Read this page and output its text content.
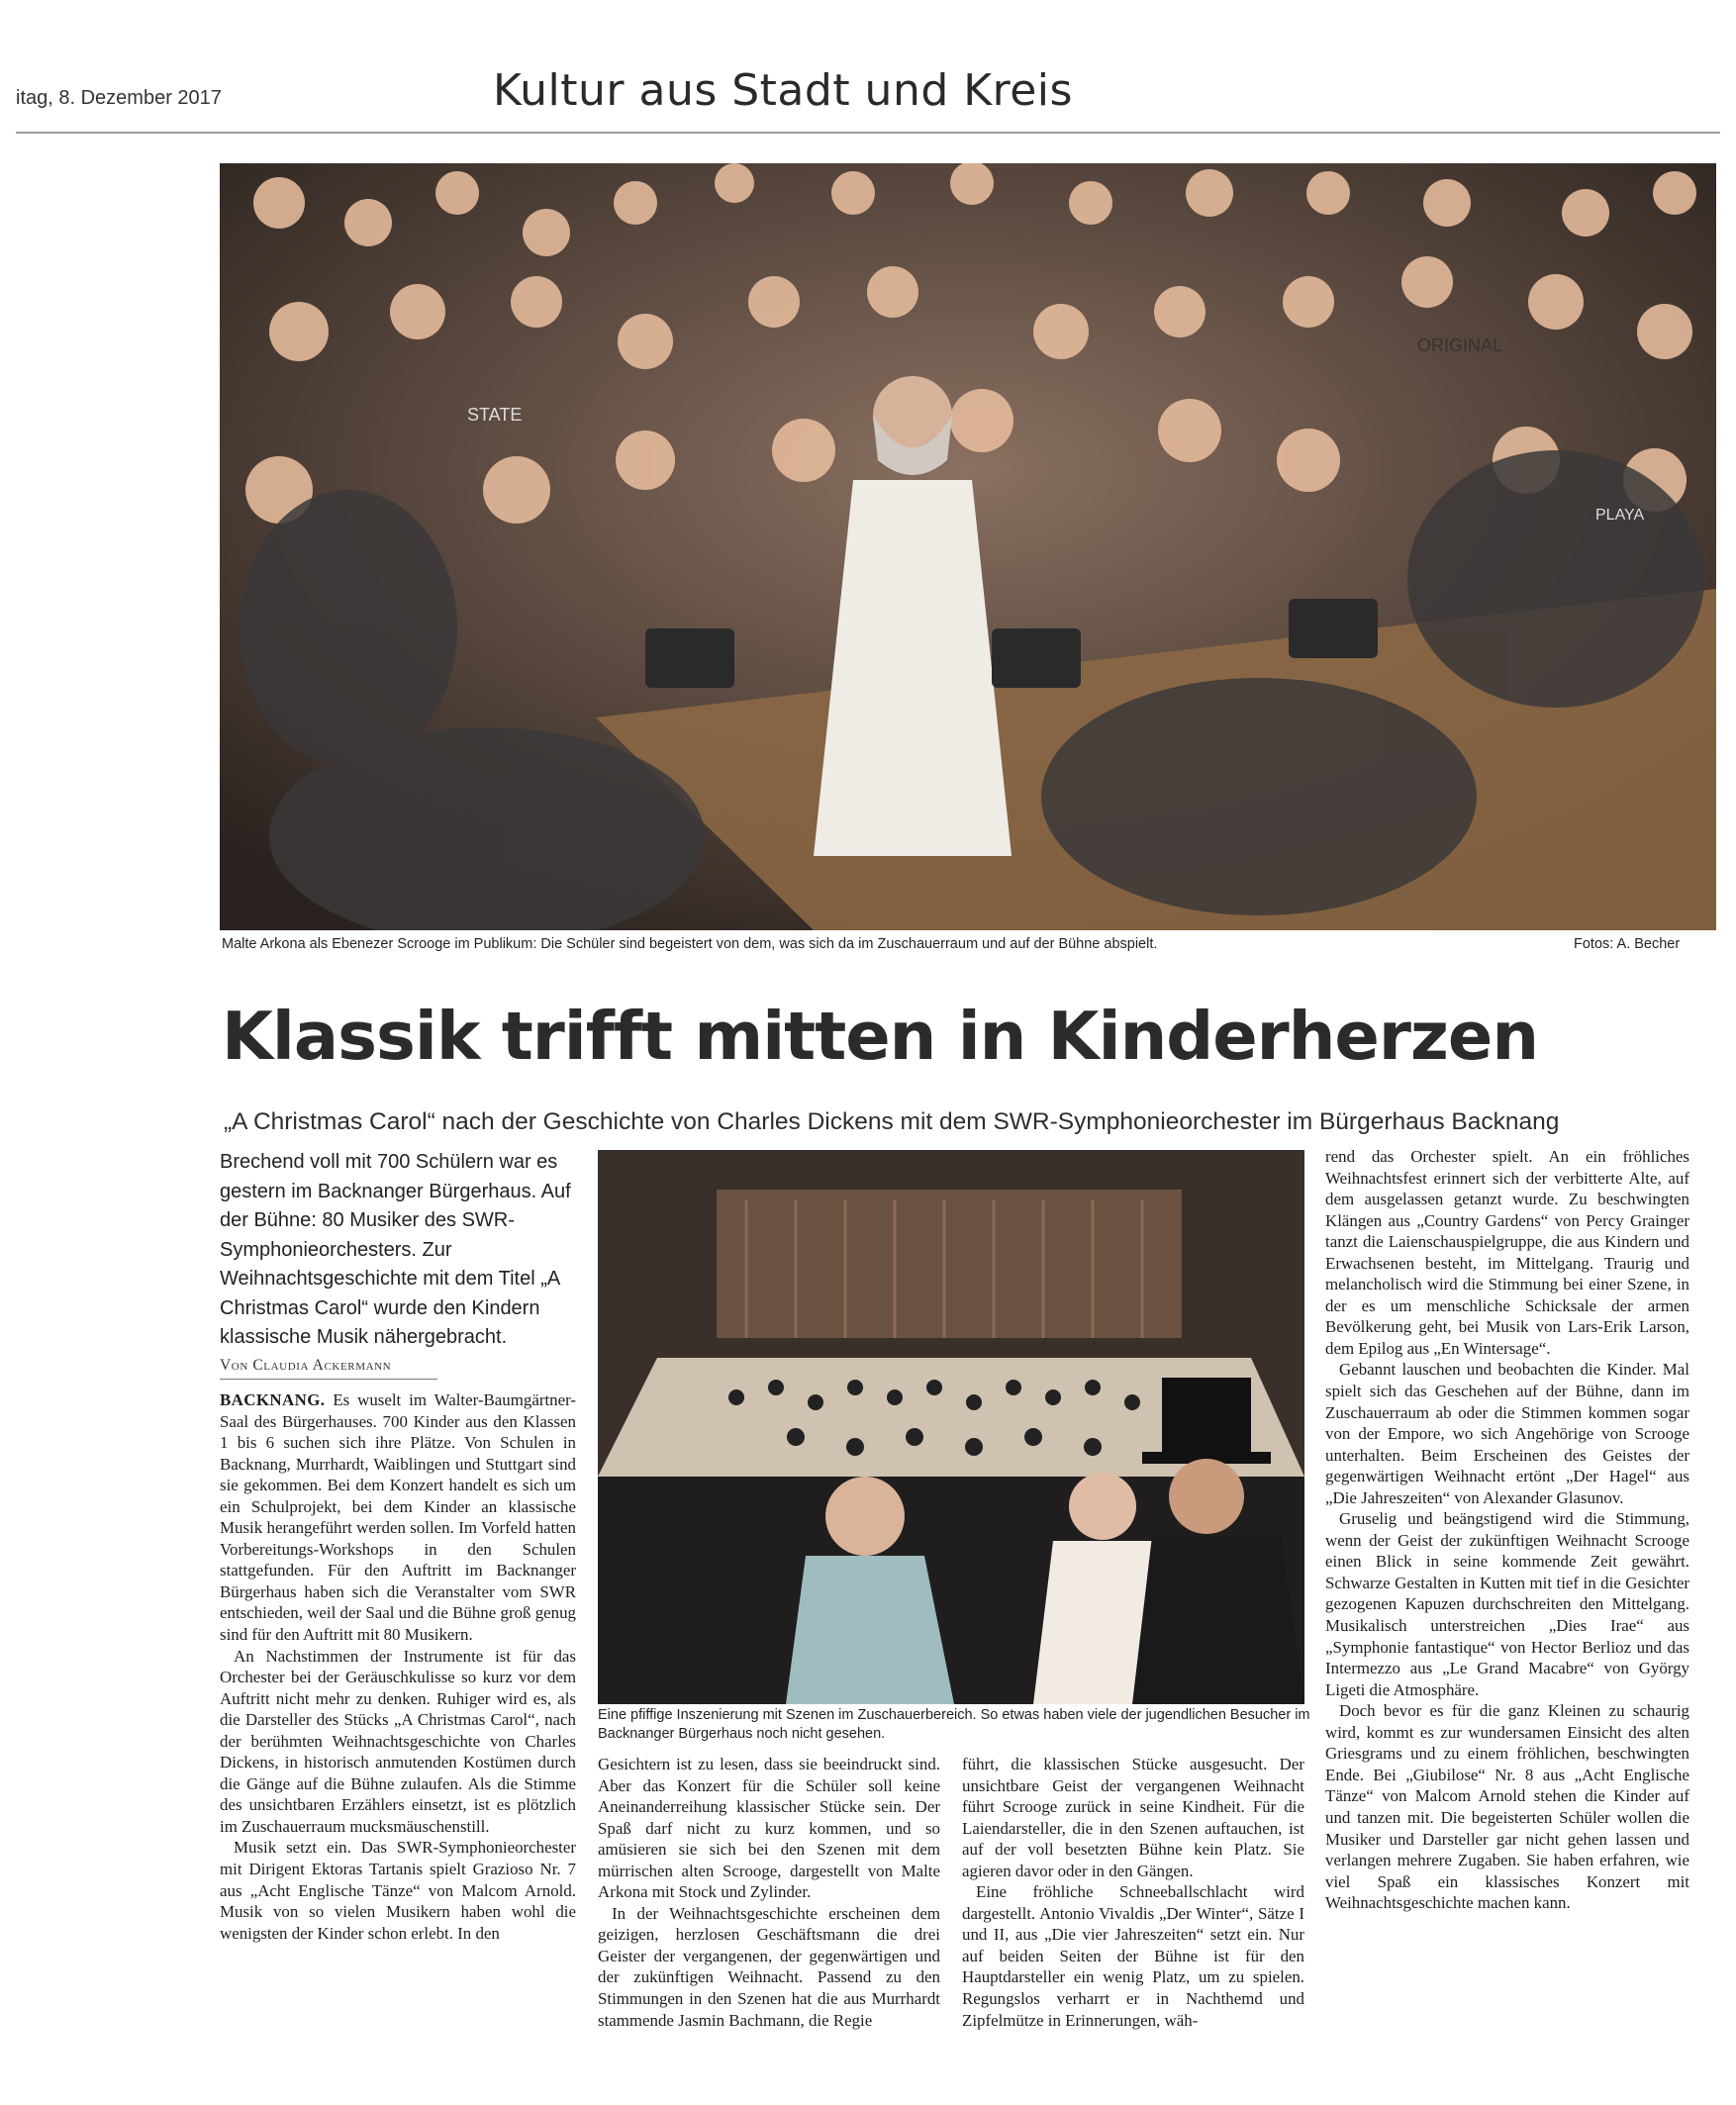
itag, 8. Dezember 2017	Kultur aus Stadt und Kreis
ORIGINAL
STATE
PLAYA
Malte Arkona als Ebenezer Scrooge im Publikum: Die Schüler sind begeistert von dem, was sich da im Zuschauerraum und auf der Bühne abspielt.	Fotos: A. Becher
Klassik trifft mitten in Kinderherzen
„A Christmas Carol“ nach der Geschichte von Charles Dickens mit dem SWR-Symphonieorchester im Bürgerhaus Backnang
Brechend voll mit 700 Schülern war es gestern im Backnanger Bürgerhaus. Auf der Bühne: 80 Musiker des SWR-Symphonieorchesters. Zur Weihnachtsgeschichte mit dem Titel „A Christmas Carol“ wurde den Kindern klassische Musik nähergebracht.
Von Claudia Ackermann

BACKNANG. Es wuselt im Walter-Baumgärtner-Saal des Bürgerhauses. 700 Kinder aus den Klassen 1 bis 6 suchen sich ihre Plätze. Von Schulen in Backnang, Murrhardt, Waiblingen und Stuttgart sind sie gekommen. Bei dem Konzert handelt es sich um ein Schulprojekt, bei dem Kinder an klassische Musik herangeführt werden sollen. Im Vorfeld hatten Vorbereitungs-Workshops in den Schulen stattgefunden. Für den Auftritt im Backnanger Bürgerhaus haben sich die Veranstalter vom SWR entschieden, weil der Saal und die Bühne groß genug sind für den Auftritt mit 80 Musikern.

An Nachstimmen der Instrumente ist für das Orchester bei der Geräuschkulisse so kurz vor dem Auftritt nicht mehr zu denken. Ruhiger wird es, als die Darsteller des Stücks „A Christmas Carol“, nach der berühmten Weihnachtsgeschichte von Charles Dickens, in historisch anmutenden Kostümen durch die Gänge auf die Bühne zulaufen. Als die Stimme des unsichtbaren Erzählers einsetzt, ist es plötzlich im Zuschauerraum mucksmäuschenstill.

Musik setzt ein. Das SWR-Symphonieorchester mit Dirigent Ektoras Tartanis spielt Grazioso Nr. 7 aus „Acht Englische Tänze“ von Malcom Arnold. Musik von so vielen Musikern haben wohl die wenigsten der Kinder schon erlebt. In den

Eine pfiffige Inszenierung mit Szenen im Zuschauerbereich. So etwas haben viele der jugendlichen Besucher im Backnanger Bürgerhaus noch nicht gesehen.

Gesichtern ist zu lesen, dass sie beeindruckt sind. Aber das Konzert für die Schüler soll keine Aneinanderreihung klassischer Stücke sein. Der Spaß darf nicht zu kurz kommen, und so amüsieren sie sich bei den Szenen mit dem mürrischen alten Scrooge, dargestellt von Malte Arkona mit Stock und Zylinder.

In der Weihnachtsgeschichte erscheinen dem geizigen, herzlosen Geschäftsmann die drei Geister der vergangenen, der gegenwärtigen und der zukünftigen Weihnacht. Passend zu den Stimmungen in den Szenen hat die aus Murrhardt stammende Jasmin Bachmann, die Regie

führt, die klassischen Stücke ausgesucht. Der unsichtbare Geist der vergangenen Weihnacht führt Scrooge zurück in seine Kindheit. Für die Laiendarsteller, die in den Szenen auftauchen, ist auf der voll besetzten Bühne kein Platz. Sie agieren davor oder in den Gängen.

Eine fröhliche Schneeballschlacht wird dargestellt. Antonio Vivaldis „Der Winter“, Sätze I und II, aus „Die vier Jahreszeiten“ setzt ein. Nur auf beiden Seiten der Bühne ist für den Hauptdarsteller ein wenig Platz, um zu spielen. Regungslos verharrt er in Nachthemd und Zipfelmütze in Erinnerungen, wäh-

rend das Orchester spielt. An ein fröhliches Weihnachtsfest erinnert sich der verbitterte Alte, auf dem ausgelassen getanzt wurde. Zu beschwingten Klängen aus „Country Gardens“ von Percy Grainger tanzt die Laienschauspielgruppe, die aus Kindern und Erwachsenen besteht, im Mittelgang. Traurig und melancholisch wird die Stimmung bei einer Szene, in der es um menschliche Schicksale der armen Bevölkerung geht, bei Musik von Lars-Erik Larson, dem Epilog aus „En Wintersage“.

Gebannt lauschen und beobachten die Kinder. Mal spielt sich das Geschehen auf der Bühne, dann im Zuschauerraum ab oder die Stimmen kommen sogar von der Empore, wo sich Angehörige von Scrooge unterhalten. Beim Erscheinen des Geistes der gegenwärtigen Weihnacht ertönt „Der Hagel“ aus „Die Jahreszeiten“ von Alexander Glasunov.

Gruselig und beängstigend wird die Stimmung, wenn der Geist der zukünftigen Weihnacht Scrooge einen Blick in seine kommende Zeit gewährt. Schwarze Gestalten in Kutten mit tief in die Gesichter gezogenen Kapuzen durchschreiten den Mittelgang. Musikalisch unterstreichen „Dies Irae“ aus „Symphonie fantastique“ von Hector Berlioz und das Intermezzo aus „Le Grand Macabre“ von György Ligeti die Atmosphäre.

Doch bevor es für die ganz Kleinen zu schaurig wird, kommt es zur wundersamen Einsicht des alten Griesgrams und zu einem fröhlichen, beschwingten Ende. Bei „Giubilose“ Nr. 8 aus „Acht Englische Tänze“ von Malcom Arnold stehen die Kinder auf und tanzen mit. Die begeisterten Schüler wollen die Musiker und Darsteller gar nicht gehen lassen und verlangen mehrere Zugaben. Sie haben erfahren, wie viel Spaß ein klassisches Konzert mit Weihnachtsgeschichte machen kann.
